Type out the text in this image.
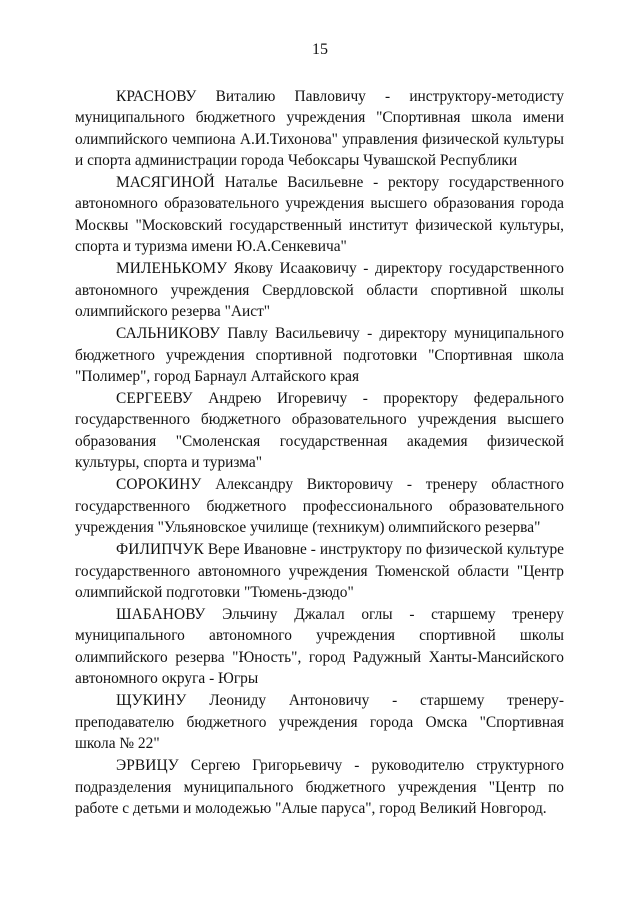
15

КРАСНОВУ Виталию Павловичу - инструктору-методисту муниципального бюджетного учреждения "Спортивная школа имени олимпийского чемпиона А.И.Тихонова" управления физической культуры и спорта администрации города Чебоксары Чувашской Республики

МАСЯГИНОЙ Наталье Васильевне - ректору государственного автономного образовательного учреждения высшего образования города Москвы "Московский государственный институт физической культуры, спорта и туризма имени Ю.А.Сенкевича"

МИЛЕНЬКОМУ Якову Исааковичу - директору государственного автономного учреждения Свердловской области спортивной школы олимпийского резерва "Аист"

САЛЬНИКОВУ Павлу Васильевичу - директору муниципального бюджетного учреждения спортивной подготовки "Спортивная школа "Полимер", город Барнаул Алтайского края

СЕРГЕЕВУ Андрею Игоревичу - проректору федерального государственного бюджетного образовательного учреждения высшего образования "Смоленская государственная академия физической культуры, спорта и туризма"

СОРОКИНУ Александру Викторовичу - тренеру областного государственного бюджетного профессионального образовательного учреждения "Ульяновское училище (техникум) олимпийского резерва"

ФИЛИПЧУК Вере Ивановне - инструктору по физической культуре государственного автономного учреждения Тюменской области "Центр олимпийской подготовки "Тюмень-дзюдо"

ШАБАНОВУ Эльчину Джалал оглы - старшему тренеру муниципального автономного учреждения спортивной школы олимпийского резерва "Юность", город Радужный Ханты-Мансийского автономного округа - Югры

ЩУКИНУ Леониду Антоновичу - старшему тренеру-преподавателю бюджетного учреждения города Омска "Спортивная школа № 22"

ЭРВИЦУ Сергею Григорьевичу - руководителю структурного подразделения муниципального бюджетного учреждения "Центр по работе с детьми и молодежью "Алые паруса", город Великий Новгород.
